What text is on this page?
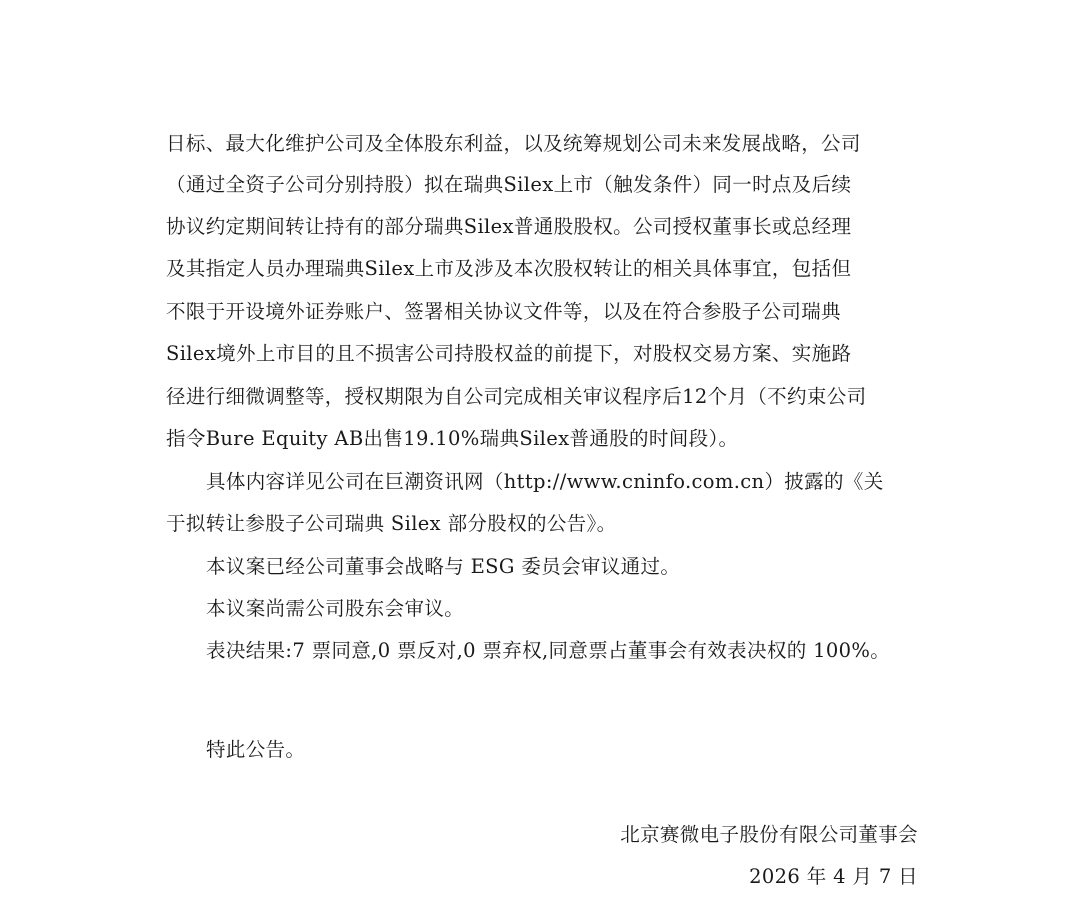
日标、最大化维护公司及全体股东利益，以及统筹规划公司未来发展战略，公司
（通过全资子公司分别持股）拟在瑞典Silex上市（触发条件）同一时点及后续
协议约定期间转让持有的部分瑞典Silex普通股股权。公司授权董事长或总经理
及其指定人员办理瑞典Silex上市及涉及本次股权转让的相关具体事宜，包括但
不限于开设境外证券账户、签署相关协议文件等，以及在符合参股子公司瑞典
Silex境外上市目的且不损害公司持股权益的前提下，对股权交易方案、实施路
径进行细微调整等，授权期限为自公司完成相关审议程序后12个月（不约束公司
指令Bure Equity AB出售19.10%瑞典Silex普通股的时间段）。
具体内容详见公司在巨潮资讯网（http://www.cninfo.com.cn）披露的《关
于拟转让参股子公司瑞典 Silex 部分股权的公告》。
本议案已经公司董事会战略与 ESG 委员会审议通过。
本议案尚需公司股东会审议。
表决结果:7 票同意,0 票反对,0 票弃权,同意票占董事会有效表决权的 100%。
特此公告。
北京赛微电子股份有限公司董事会
2026 年 4 月 7 日
